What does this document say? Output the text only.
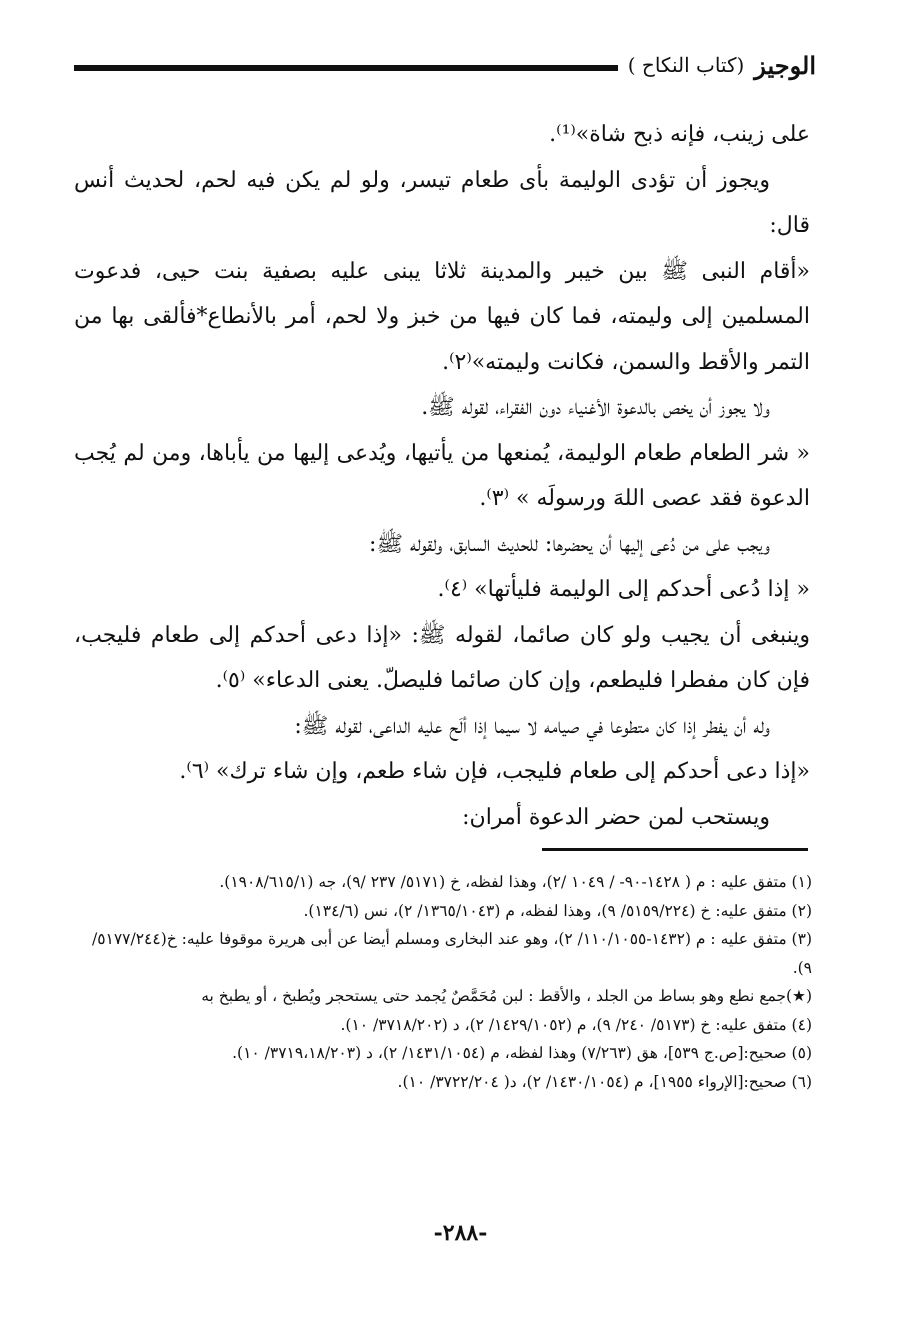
الوجيز
(كتاب النكاح )

على زينب، فإنه ذبح شاة»⁽¹⁾.

ويجوز أن تؤدى الوليمة بأى طعام تيسر، ولو لم يكن فيه لحم، لحديث أنس قال:

«أقام النبى ﷺ بين خيبر والمدينة ثلاثا يبنى عليه بصفية بنت حيى، فدعوت المسلمين إلى وليمته، فما كان فيها من خبز ولا لحم، أمر بالأنطاع*فألقى بها من التمر والأقط والسمن، فكانت وليمته»⁽٢⁾.

ولا يجوز أن يخص بالدعوة الأغنياء دون الفقراء، لقوله ﷺ.

« شر الطعام طعام الوليمة، يُمنعها من يأتيها، ويُدعى إليها من يأباها، ومن لم يُجب الدعوة فقد عصى اللهَ ورسولَه » ⁽٣⁾.

ويجب على من دُعى إليها أن يحضرها: للحديث السابق، ولقوله ﷺ:

« إذا دُعى أحدكم إلى الوليمة فليأتها» ⁽٤⁾.

وينبغى أن يجيب ولو كان صائما، لقوله ﷺ: «إذا دعى أحدكم إلى طعام فليجب، فإن كان مفطرا فليطعم، وإن كان صائما فليصلّ. يعنى الدعاء» ⁽٥⁾.

وله أن يفطر إذا كان متطوعا في صيامه لا سيما إذا ألَح عليه الداعى، لقوله ﷺ:

«إذا دعى أحدكم إلى طعام فليجب، فإن شاء طعم، وإن شاء ترك» ⁽٦⁾.

ويستحب لمن حضر الدعوة أمران:

(١) متفق عليه : م ( ١٤٢٨-٩٠- / ١٠٤٩ /٢)، وهذا لفظه، خ (٥١٧١/ ٢٣٧ /٩)، جه (١٩٠٨/٦١٥/١).

(٢) متفق عليه: خ (٥١٥٩/٢٢٤/ ٩)، وهذا لفظه، م (١٣٦٥/١٠٤٣/ ٢)، نس (١٣٤/٦).

(٣) متفق عليه : م (١٤٣٢-١١٠/١٠٥٥/ ٢)، وهو عند البخارى ومسلم أيضا عن أبى هريرة موقوفا عليه: خ(٥١٧٧/٢٤٤/ ٩).

(★)جمع نطع وهو بساط من الجلد ، والأقط : لبن مُحَمَّصٌ يُجمد حتى يستحجر ويُطبخ ، أو يطبخ به

(٤) متفق عليه: خ (٥١٧٣/ ٢٤٠/ ٩)، م (١٤٢٩/١٠٥٢/ ٢)، د (٣٧١٨/٢٠٢/ ١٠).

(٥) صحيح:[ص.ج ٥٣٩]، هق (٧/٢٦٣) وهذا لفظه، م (١٤٣١/١٠٥٤/ ٢)، د (٣٧١٩،١٨/٢٠٣/ ١٠).

(٦) صحيح:[الإرواء ١٩٥٥]، م (١٤٣٠/١٠٥٤/ ٢)، د( ٣٧٢٢/٢٠٤/ ١٠).

-٢٨٨-
